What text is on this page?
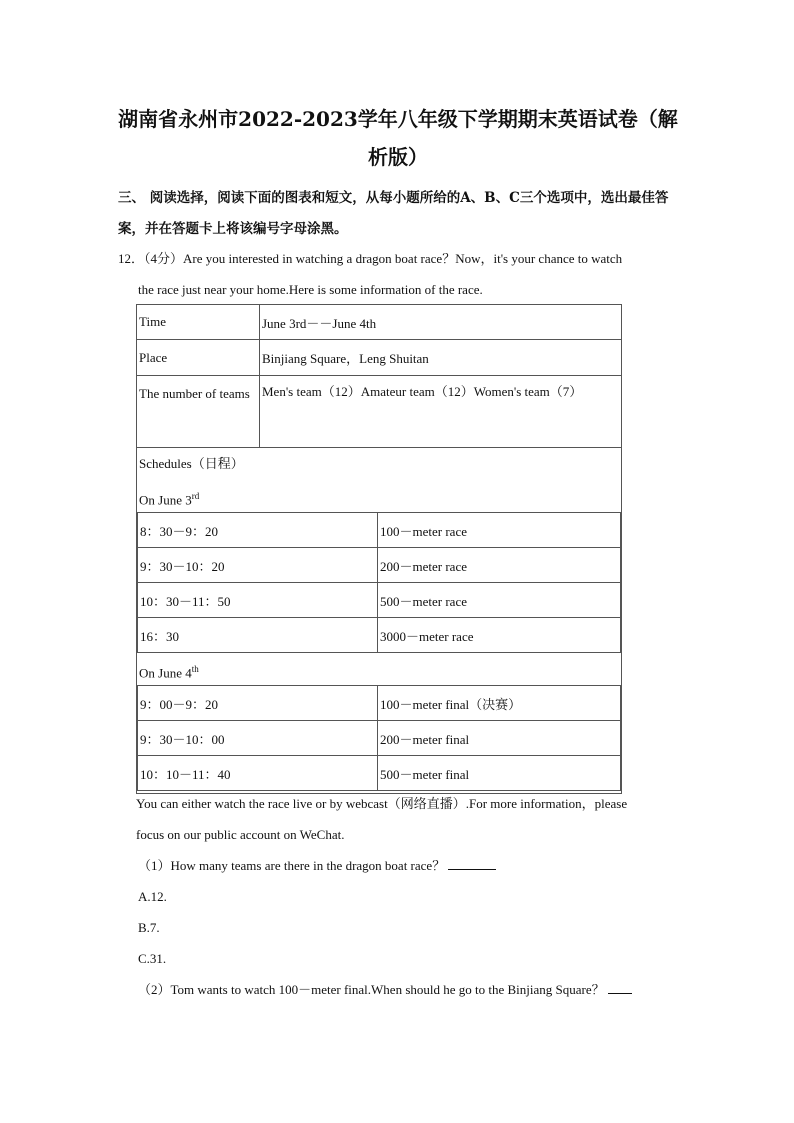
湖南省永州市2022-2023学年八年级下学期期末英语试卷（解析版）
三、 阅读选择，阅读下面的图表和短文，从每小题所给的A、B、C三个选项中，选出最佳答案，并在答题卡上将该编号字母涂黑。
12．（4分）Are you interested in watching a dragon boat race？Now，it's your chance to watch
the race just near your home.Here is some information of the race.
Time	June 3rd－－June 4th
Place	Binjiang Square，Leng Shuitan
The number of teams	Men's team（12）Amateur team（12）Women's team（7）

Schedules（日程）
On June 3rd
8：30－9：20	100－meter race
9：30－10：20	200－meter race
10：30－11：50	500－meter race
16：30	3000－meter race
On June 4th
9：00－9：20	100－meter final（决赛）
9：30－10：00	200－meter final
10：10－11：40	500－meter final
You can either watch the race live or by webcast（网络直播）.For more information，please
focus on our public account on WeChat.
（1）How many teams are there in the dragon boat race？
A.12.
B.7.
C.31.
（2）Tom wants to watch 100－meter final.When should he go to the Binjiang Square？
